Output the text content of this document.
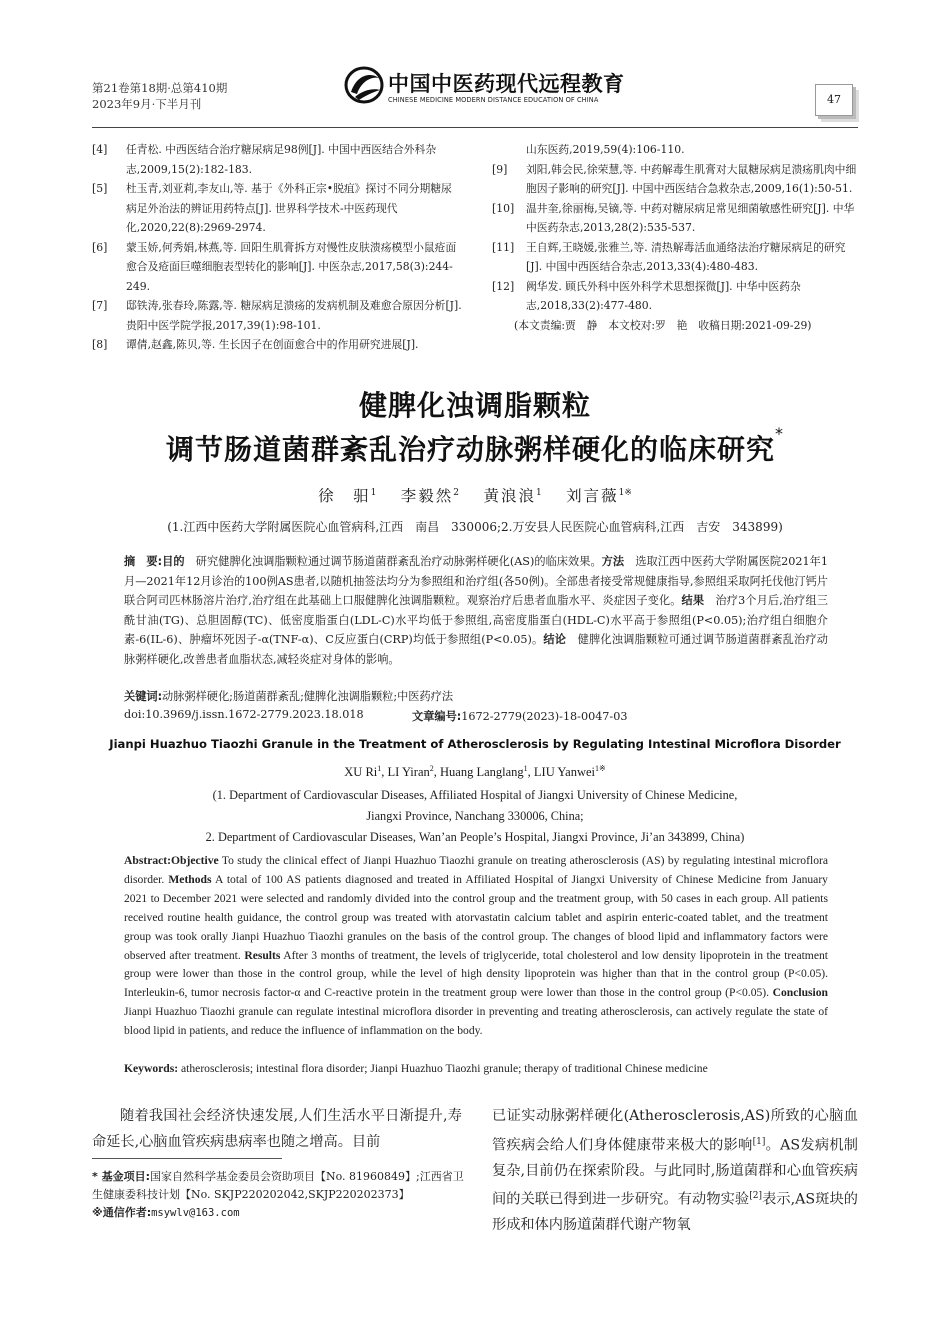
第21卷第18期·总第410期
2023年9月·下半月刊
中国中医药现代远程教育
CHINESE MEDICINE MODERN DISTANCE EDUCATION OF CHINA	47
[4] 任青松. 中西医结合治疗糖尿病足98例[J]. 中国中西医结合外科杂志,2009,15(2):182-183.
[5] 杜玉青,刘亚莉,李友山,等. 基于《外科正宗•脱疽》探讨不同分期糖尿病足外治法的辨证用药特点[J]. 世界科学技术-中医药现代化,2020,22(8):2969-2974.
[6] 蒙玉娇,何秀娟,林燕,等. 回阳生肌膏拆方对慢性皮肤溃疡模型小鼠疮面愈合及疮面巨噬细胞表型转化的影响[J]. 中医杂志,2017,58(3):244-249.
[7] 邸铁涛,张春玲,陈露,等. 糖尿病足溃疡的发病机制及难愈合原因分析[J]. 贵阳中医学院学报,2017,39(1):98-101.
[8] 谭倩,赵鑫,陈贝,等. 生长因子在创面愈合中的作用研究进展[J].
山东医药,2019,59(4):106-110.
[9] 刘阳,韩会民,徐荣慧,等. 中药解毒生肌膏对大鼠糖尿病足溃疡肌肉中细胞因子影响的研究[J]. 中国中西医结合急救杂志,2009,16(1):50-51.
[10] 温井奎,徐丽梅,吴镝,等. 中药对糖尿病足常见细菌敏感性研究[J]. 中华中医药杂志,2013,28(2):535-537.
[11] 王自辉,王晓媛,张雅兰,等. 清热解毒活血通络法治疗糖尿病足的研究[J]. 中国中西医结合杂志,2013,33(4):480-483.
[12] 阙华发. 顾氏外科中医外科学术思想探微[J]. 中华中医药杂志,2018,33(2):477-480.
(本文责编:贾　静　本文校对:罗　艳　收稿日期:2021-09-29)
健脾化浊调脂颗粒
调节肠道菌群紊乱治疗动脉粥样硬化的临床研究*
徐　驲$^1$　 李毅然$^2$　 黄浪浪$^1$　 刘言薇$^{1※}$
(1.江西中医药大学附属医院心血管病科,江西　南昌　330006;2.万安县人民医院心血管病科,江西　吉安　343899)
摘　要:目的　研究健脾化浊调脂颗粒通过调节肠道菌群紊乱治疗动脉粥样硬化(AS)的临床效果。方法　选取江西中医药大学附属医院2021年1月—2021年12月诊治的100例AS患者,以随机抽签法均分为参照组和治疗组(各50例)。全部患者接受常规健康指导,参照组采取阿托伐他汀钙片联合阿司匹林肠溶片治疗,治疗组在此基础上口服健脾化浊调脂颗粒。观察治疗后患者血脂水平、炎症因子变化。结果　治疗3个月后,治疗组三酰甘油(TG)、总胆固醇(TC)、低密度脂蛋白(LDL-C)水平均低于参照组,高密度脂蛋白(HDL-C)水平高于参照组(P<0.05);治疗组白细胞介素-6(IL-6)、肿瘤坏死因子-α(TNF-α)、C反应蛋白(CRP)均低于参照组(P<0.05)。结论　健脾化浊调脂颗粒可通过调节肠道菌群紊乱治疗动脉粥样硬化,改善患者血脂状态,减轻炎症对身体的影响。
关键词:动脉粥样硬化;肠道菌群紊乱;健脾化浊调脂颗粒;中医药疗法
doi:10.3969/j.issn.1672-2779.2023.18.018	文章编号:1672-2779(2023)-18-0047-03
Jianpi Huazhuo Tiaozhi Granule in the Treatment of Atherosclerosis by Regulating Intestinal Microflora Disorder
XU Ri$^1$, LI Yiran$^2$, Huang Langlang$^1$, LIU Yanwei$^{1※}$
(1. Department of Cardiovascular Diseases, Affiliated Hospital of Jiangxi University of Chinese Medicine,
Jiangxi Province, Nanchang 330006, China;
2. Department of Cardiovascular Diseases, Wan’an People’s Hospital, Jiangxi Province, Ji’an 343899, China)
Abstract:Objective To study the clinical effect of Jianpi Huazhuo Tiaozhi granule on treating atherosclerosis (AS) by regulating intestinal microflora disorder. Methods A total of 100 AS patients diagnosed and treated in Affiliated Hospital of Jiangxi University of Chinese Medicine from January 2021 to December 2021 were selected and randomly divided into the control group and the treatment group, with 50 cases in each group. All patients received routine health guidance, the control group was treated with atorvastatin calcium tablet and aspirin enteric-coated tablet, and the treatment group was took orally Jianpi Huazhuo Tiaozhi granules on the basis of the control group. The changes of blood lipid and inflammatory factors were observed after treatment. Results After 3 months of treatment, the levels of triglyceride, total cholesterol and low density lipoprotein in the treatment group were lower than those in the control group, while the level of high density lipoprotein was higher than that in the control group (P<0.05). Interleukin-6, tumor necrosis factor-α and C-reactive protein in the treatment group were lower than those in the control group (P<0.05). Conclusion Jianpi Huazhuo Tiaozhi granule can regulate intestinal microflora disorder in preventing and treating atherosclerosis, can actively regulate the state of blood lipid in patients, and reduce the influence of inflammation on the body.
Keywords: atherosclerosis; intestinal flora disorder; Jianpi Huazhuo Tiaozhi granule; therapy of traditional Chinese medicine
随着我国社会经济快速发展,人们生活水平日渐提升,寿命延长,心脑血管疾病患病率也随之增高。目前
已证实动脉粥样硬化(Atherosclerosis,AS)所致的心脑血管疾病会给人们身体健康带来极大的影响[1]。AS发病机制复杂,目前仍在探索阶段。与此同时,肠道菌群和心血管疾病间的关联已得到进一步研究。有动物实验[2]表示,AS斑块的形成和体内肠道菌群代谢产物氧
* 基金项目:国家自然科学基金委员会资助项目【No. 81960849】;江西省卫生健康委科技计划【No. SKJP220202042,SKJP220202373】
※通信作者:msywlv@163.com
